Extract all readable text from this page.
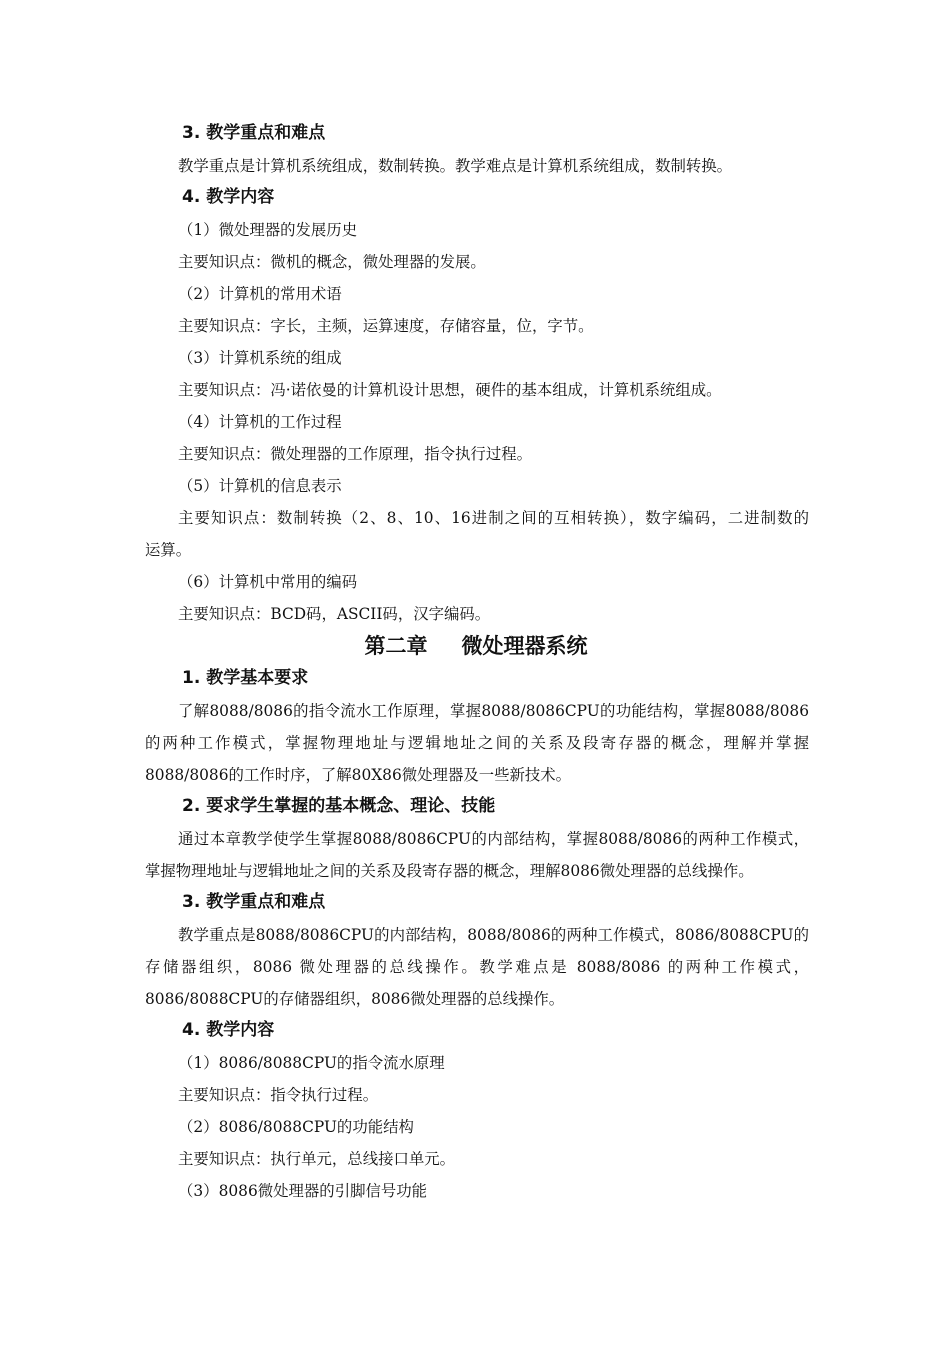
3. 教学重点和难点
教学重点是计算机系统组成，数制转换。教学难点是计算机系统组成，数制转换。
4. 教学内容
（1）微处理器的发展历史
主要知识点：微机的概念，微处理器的发展。
（2）计算机的常用术语
主要知识点：字长，主频，运算速度，存储容量，位，字节。
（3）计算机系统的组成
主要知识点：冯·诺依曼的计算机设计思想，硬件的基本组成，计算机系统组成。
（4）计算机的工作过程
主要知识点：微处理器的工作原理，指令执行过程。
（5）计算机的信息表示
主要知识点：数制转换（2、8、10、16进制之间的互相转换），数字编码，二进制数的
运算。
（6）计算机中常用的编码
主要知识点：BCD码，ASCII码，汉字编码。
第二章 微处理器系统
1. 教学基本要求
了解8088/8086的指令流水工作原理，掌握8088/8086CPU的功能结构，掌握8088/8086
的两种工作模式，掌握物理地址与逻辑地址之间的关系及段寄存器的概念，理解并掌握
8088/8086的工作时序，了解80X86微处理器及一些新技术。
2. 要求学生掌握的基本概念、理论、技能
通过本章教学使学生掌握8088/8086CPU的内部结构，掌握8088/8086的两种工作模式，
掌握物理地址与逻辑地址之间的关系及段寄存器的概念，理解8086微处理器的总线操作。
3. 教学重点和难点
教学重点是8088/8086CPU的内部结构，8088/8086的两种工作模式，8086/8088CPU的
存储器组织，8086 微处理器的总线操作。教学难点是 8088/8086 的两种工作模式，
8086/8088CPU的存储器组织，8086微处理器的总线操作。
4. 教学内容
（1）8086/8088CPU的指令流水原理
主要知识点：指令执行过程。
（2）8086/8088CPU的功能结构
主要知识点：执行单元，总线接口单元。
（3）8086微处理器的引脚信号功能
